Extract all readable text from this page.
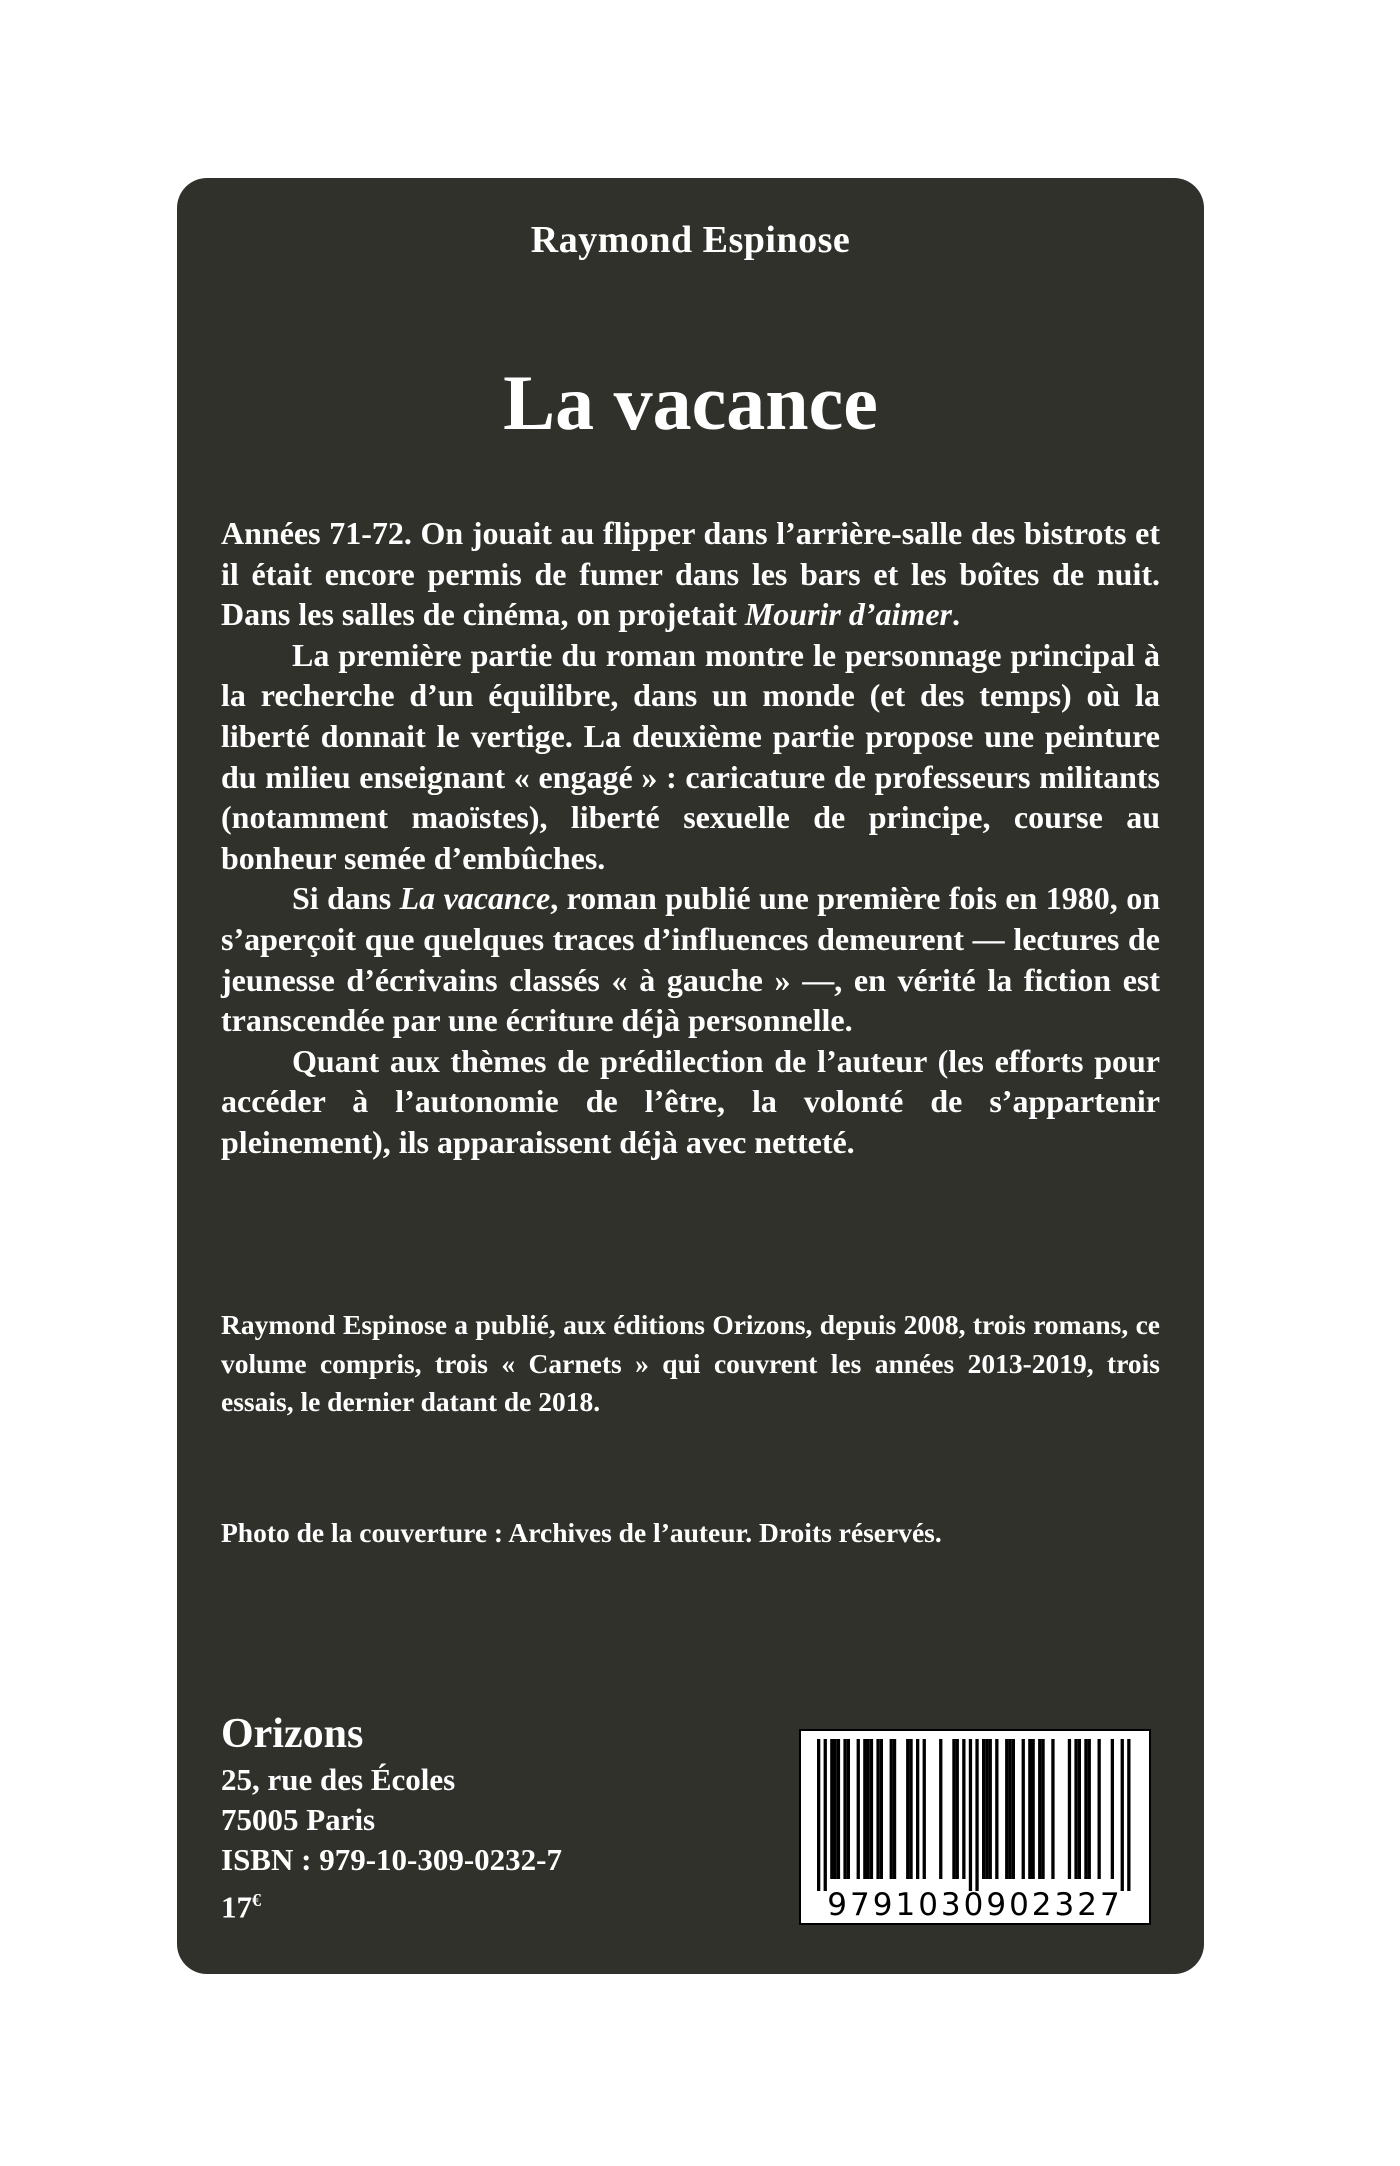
Raymond Espinose
La vacance

Années 71-72. On jouait au flipper dans l’arrière-salle des bistrots et il était encore permis de fumer dans les bars et les boîtes de nuit. Dans les salles de cinéma, on projetait Mourir d’aimer.

La première partie du roman montre le personnage principal à la recherche d’un équilibre, dans un monde (et des temps) où la liberté donnait le vertige. La deuxième partie propose une peinture du milieu enseignant « engagé » : caricature de professeurs militants (notamment maoïstes), liberté sexuelle de principe, course au bonheur semée d’embûches.

Si dans La vacance, roman publié une première fois en 1980, on s’aperçoit que quelques traces d’influences demeurent — lectures de jeunesse d’écrivains classés « à gauche » —, en vérité la fiction est transcendée par une écriture déjà personnelle.

Quant aux thèmes de prédilection de l’auteur (les efforts pour accéder à l’autonomie de l’être, la volonté de s’appartenir pleinement), ils apparaissent déjà avec netteté.

Raymond Espinose a publié, aux éditions Orizons, depuis 2008, trois romans, ce volume compris, trois « Carnets » qui couvrent les années 2013-2019, trois essais, le dernier datant de 2018.

Photo de la couverture : Archives de l’auteur. Droits réservés.

Orizons
25, rue des Écoles
75005 Paris
ISBN : 979-10-309-0232-7
17€	9791030902327
